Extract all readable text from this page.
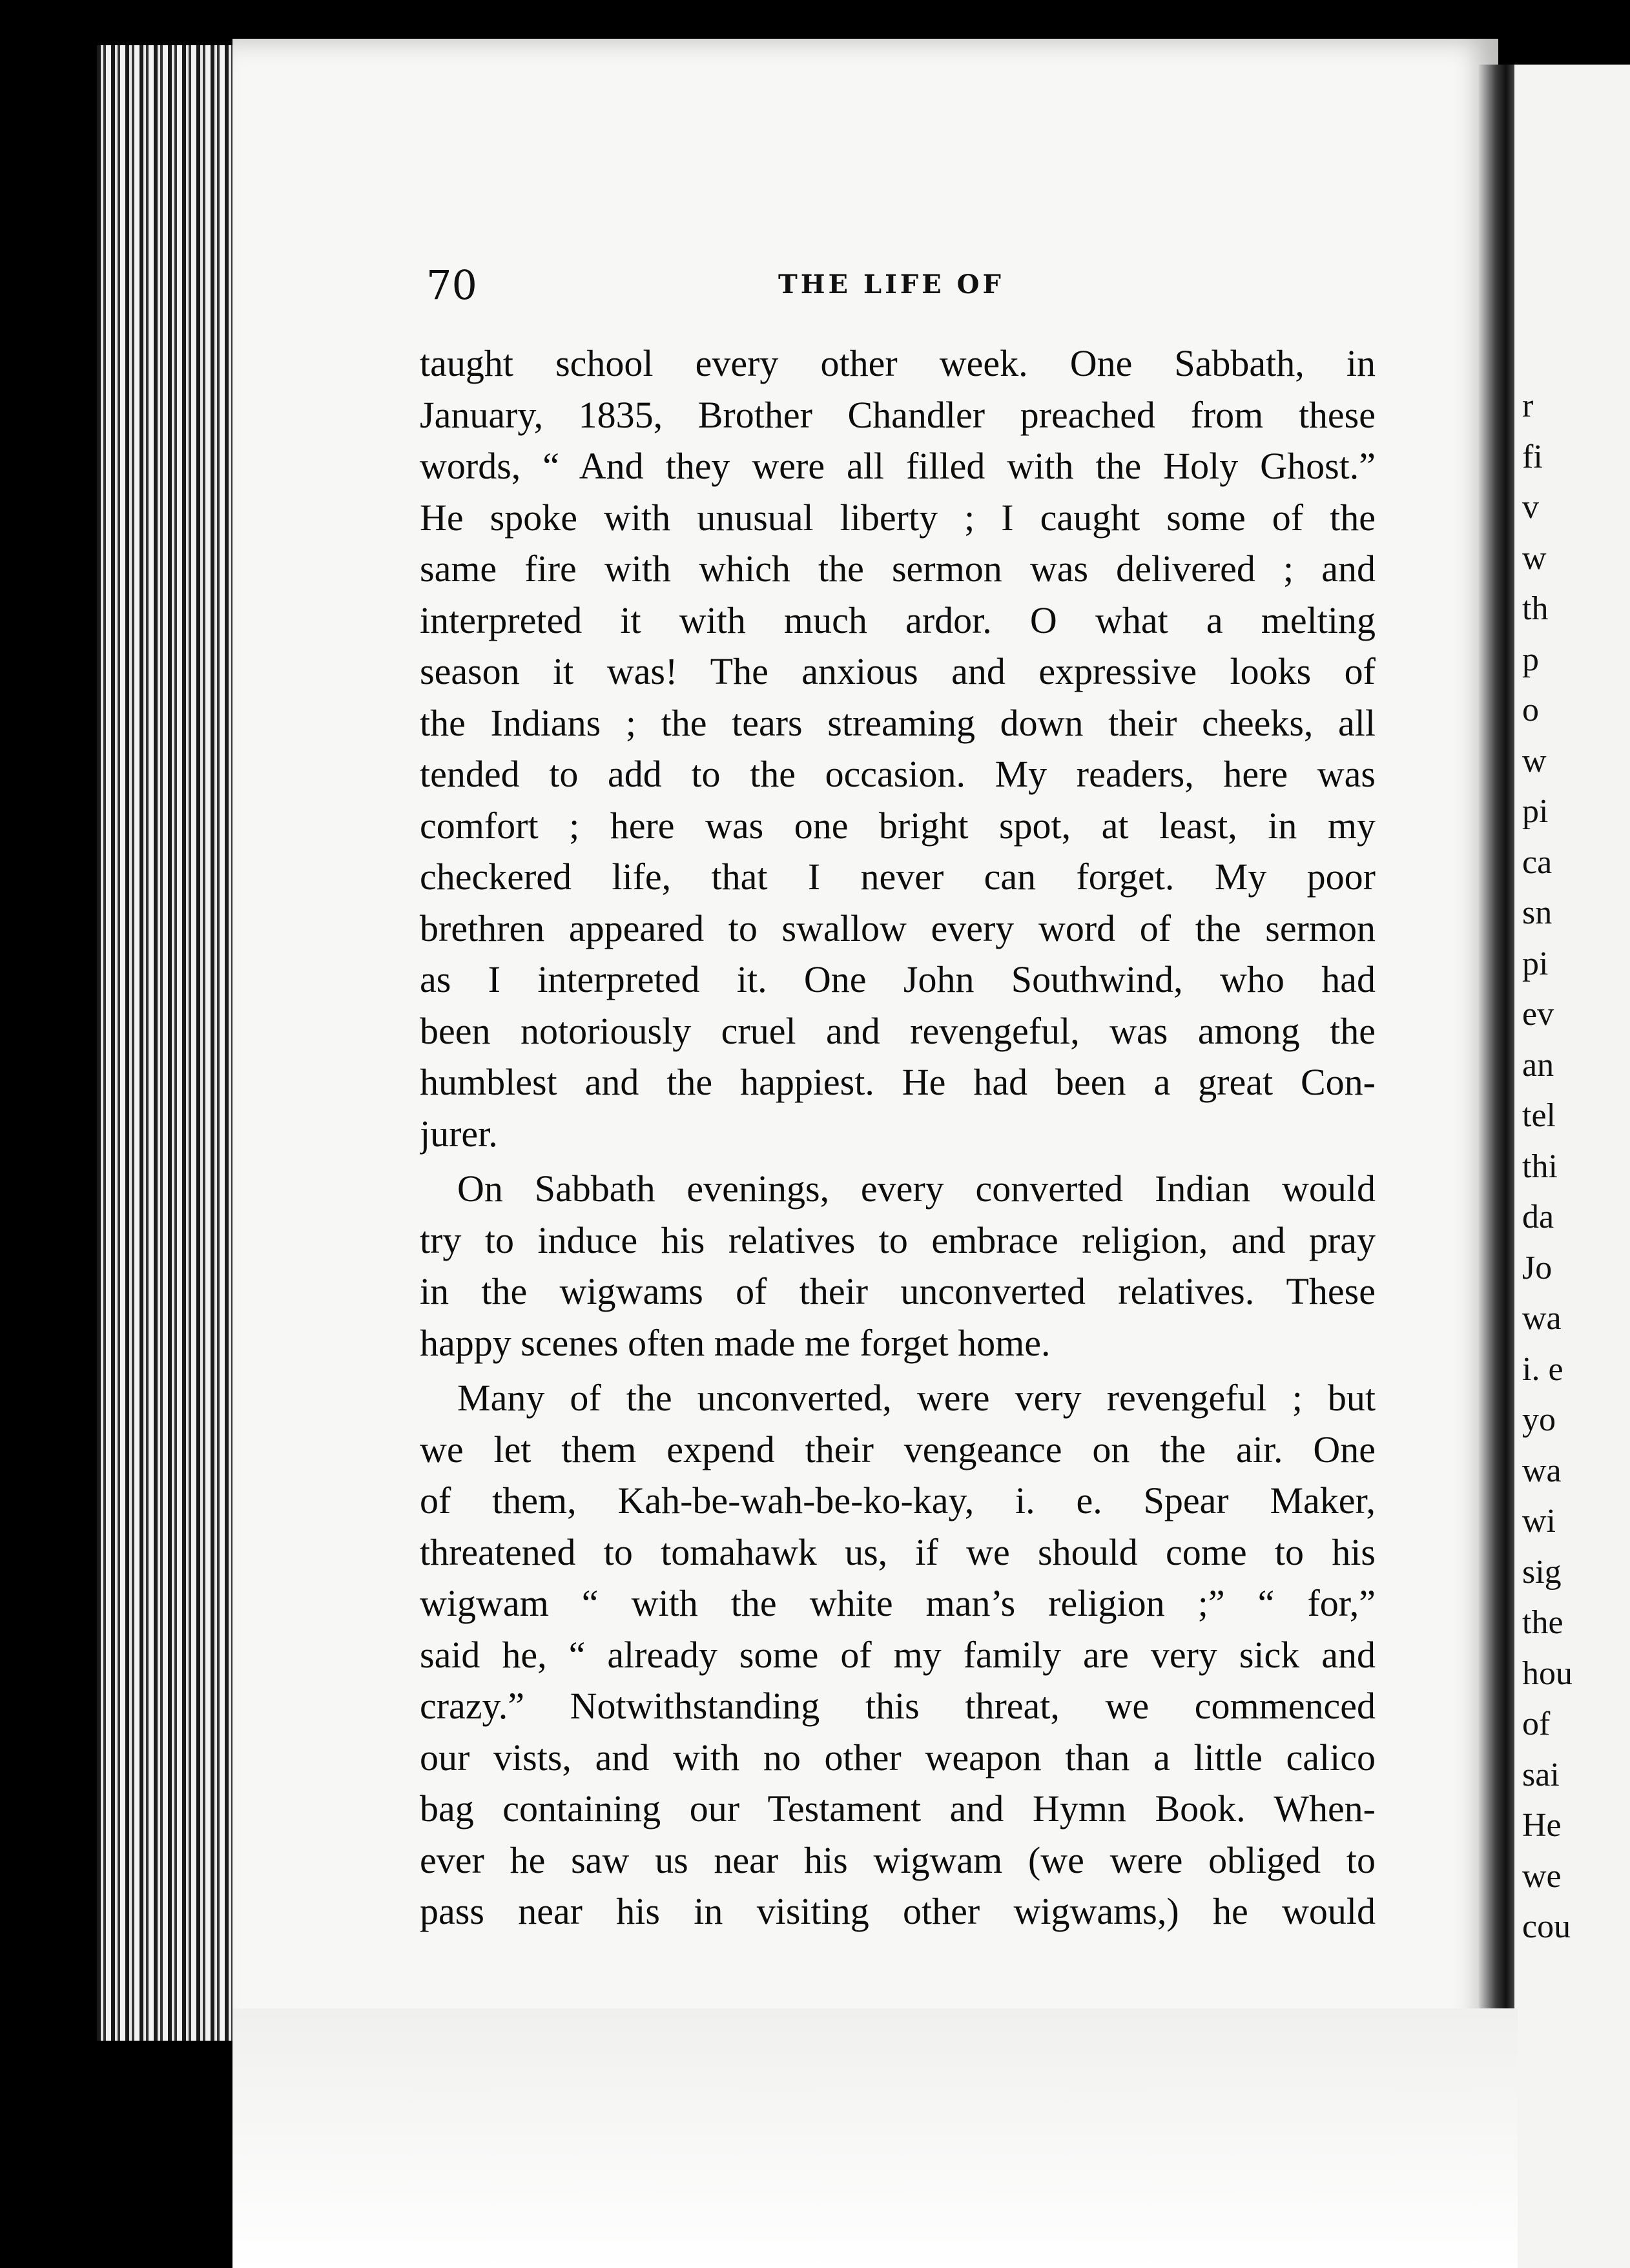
r
fi
v
w
th
p
o
w
pi
ca
sn
pi
ev
an
tel
thi
da
Jo
wa
i. e
yo
wa
wi
sig
the
hou
of
sai
He
we
cou
70	THE LIFE OF
taught school every other week. One Sabbath, in
January, 1835, Brother Chandler preached from these
words, “ And they were all filled with the Holy Ghost.”
He spoke with unusual liberty ; I caught some of the
same fire with which the sermon was delivered ; and
interpreted it with much ardor. O what a melting
season it was! The anxious and expressive looks of
the Indians ; the tears streaming down their cheeks, all
tended to add to the occasion. My readers, here was
comfort ; here was one bright spot, at least, in my
checkered life, that I never can forget. My poor
brethren appeared to swallow every word of the sermon
as I interpreted it. One John Southwind, who had
been notoriously cruel and revengeful, was among the
humblest and the happiest. He had been a great Con-
jurer.
On Sabbath evenings, every converted Indian would
try to induce his relatives to embrace religion, and pray
in the wigwams of their unconverted relatives. These
happy scenes often made me forget home.
Many of the unconverted, were very revengeful ; but
we let them expend their vengeance on the air. One
of them, Kah-be-wah-be-ko-kay, i. e. Spear Maker,
threatened to tomahawk us, if we should come to his
wigwam “ with the white man’s religion ;” “ for,”
said he, “ already some of my family are very sick and
crazy.” Notwithstanding this threat, we commenced
our vists, and with no other weapon than a little calico
bag containing our Testament and Hymn Book. When-
ever he saw us near his wigwam (we were obliged to
pass near his in visiting other wigwams,) he would
